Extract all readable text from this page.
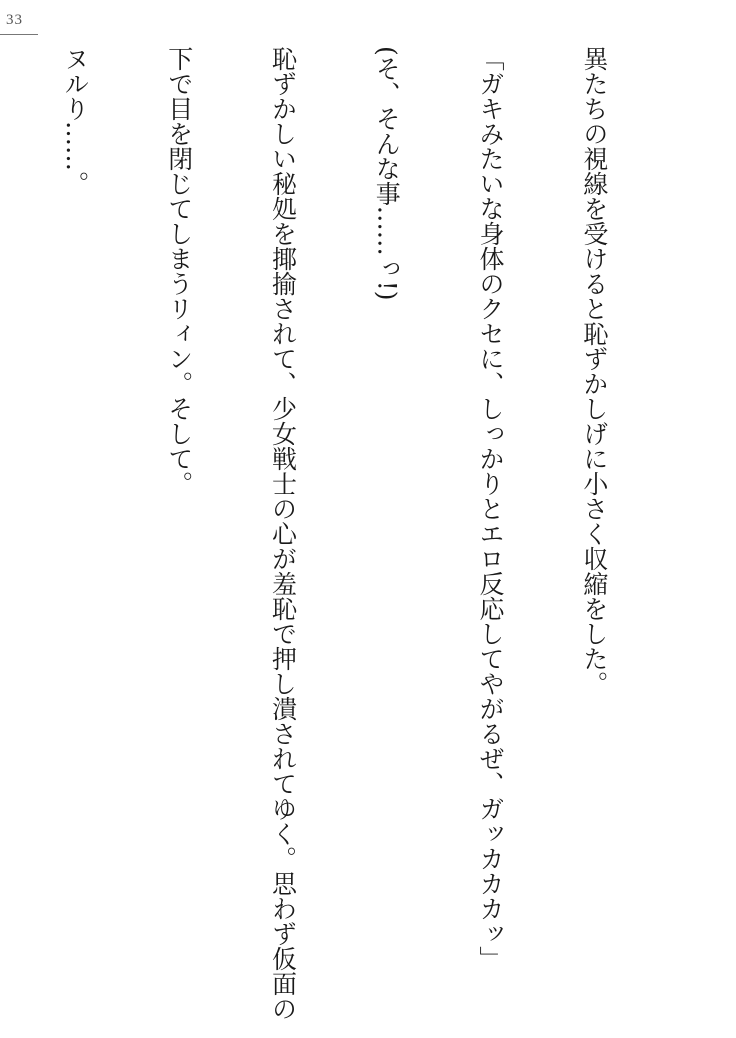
33

異たちの視線を受けると恥ずかしげに小さく収縮をした。

「ガキみたいな身体のクセに、しっかりとエロ反応してやがるぜ、ガッカカカッ」

(そ、そんな事……っ!)

恥ずかしい秘処を揶揄されて、少女戦士の心が羞恥で押し潰されてゆく。思わず仮面の

下で目を閉じてしまうリィン。そして。

ヌルり……。
